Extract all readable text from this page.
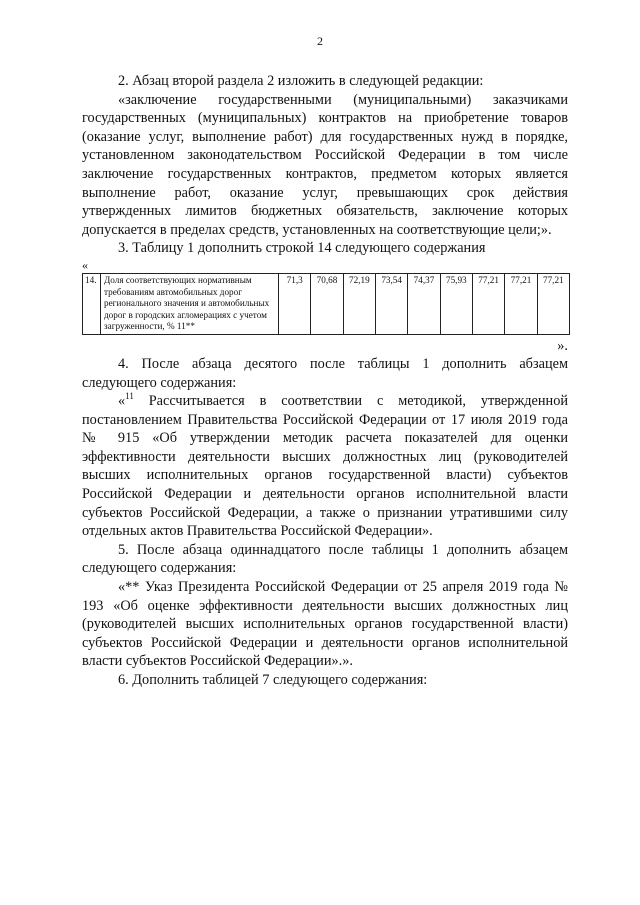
2

2. Абзац второй раздела 2 изложить в следующей редакции:

«заключение государственными (муниципальными) заказчиками государственных (муниципальных) контрактов на приобретение товаров (оказание услуг, выполнение работ) для государственных нужд в порядке, установленном законодательством Российской Федерации в том числе заключение государственных контрактов, предметом которых является выполнение работ, оказание услуг, превышающих срок действия утвержденных лимитов бюджетных обязательств, заключение которых допускается в пределах средств, установленных на соответствующие цели;».

3. Таблицу 1 дополнить строкой 14 следующего содержания

«
14.	Доля соответствующих нормативным требованиям автомобильных дорог регионального значения и автомобильных дорог в городских агломерациях с учетом загруженности, % 11**	71,3	70,68	72,19	73,54	74,37	75,93	77,21	77,21	77,21
».

4. После абзаца десятого после таблицы 1 дополнить абзацем следующего содержания:

«$^{11}$ Рассчитывается в соответствии с методикой, утвержденной постановлением Правительства Российской Федерации от 17 июля 2019 года № 915 «Об утверждении методик расчета показателей для оценки эффективности деятельности высших должностных лиц (руководителей высших исполнительных органов государственной власти) субъектов Российской Федерации и деятельности органов исполнительной власти субъектов Российской Федерации, а также о признании утратившими силу отдельных актов Правительства Российской Федерации».

5. После абзаца одиннадцатого после таблицы 1 дополнить абзацем следующего содержания:

«** Указ Президента Российской Федерации от 25 апреля 2019 года № 193 «Об оценке эффективности деятельности высших должностных лиц (руководителей высших исполнительных органов государственной власти) субъектов Российской Федерации и деятельности органов исполнительной власти субъектов Российской Федерации».».

6. Дополнить таблицей 7 следующего содержания:
